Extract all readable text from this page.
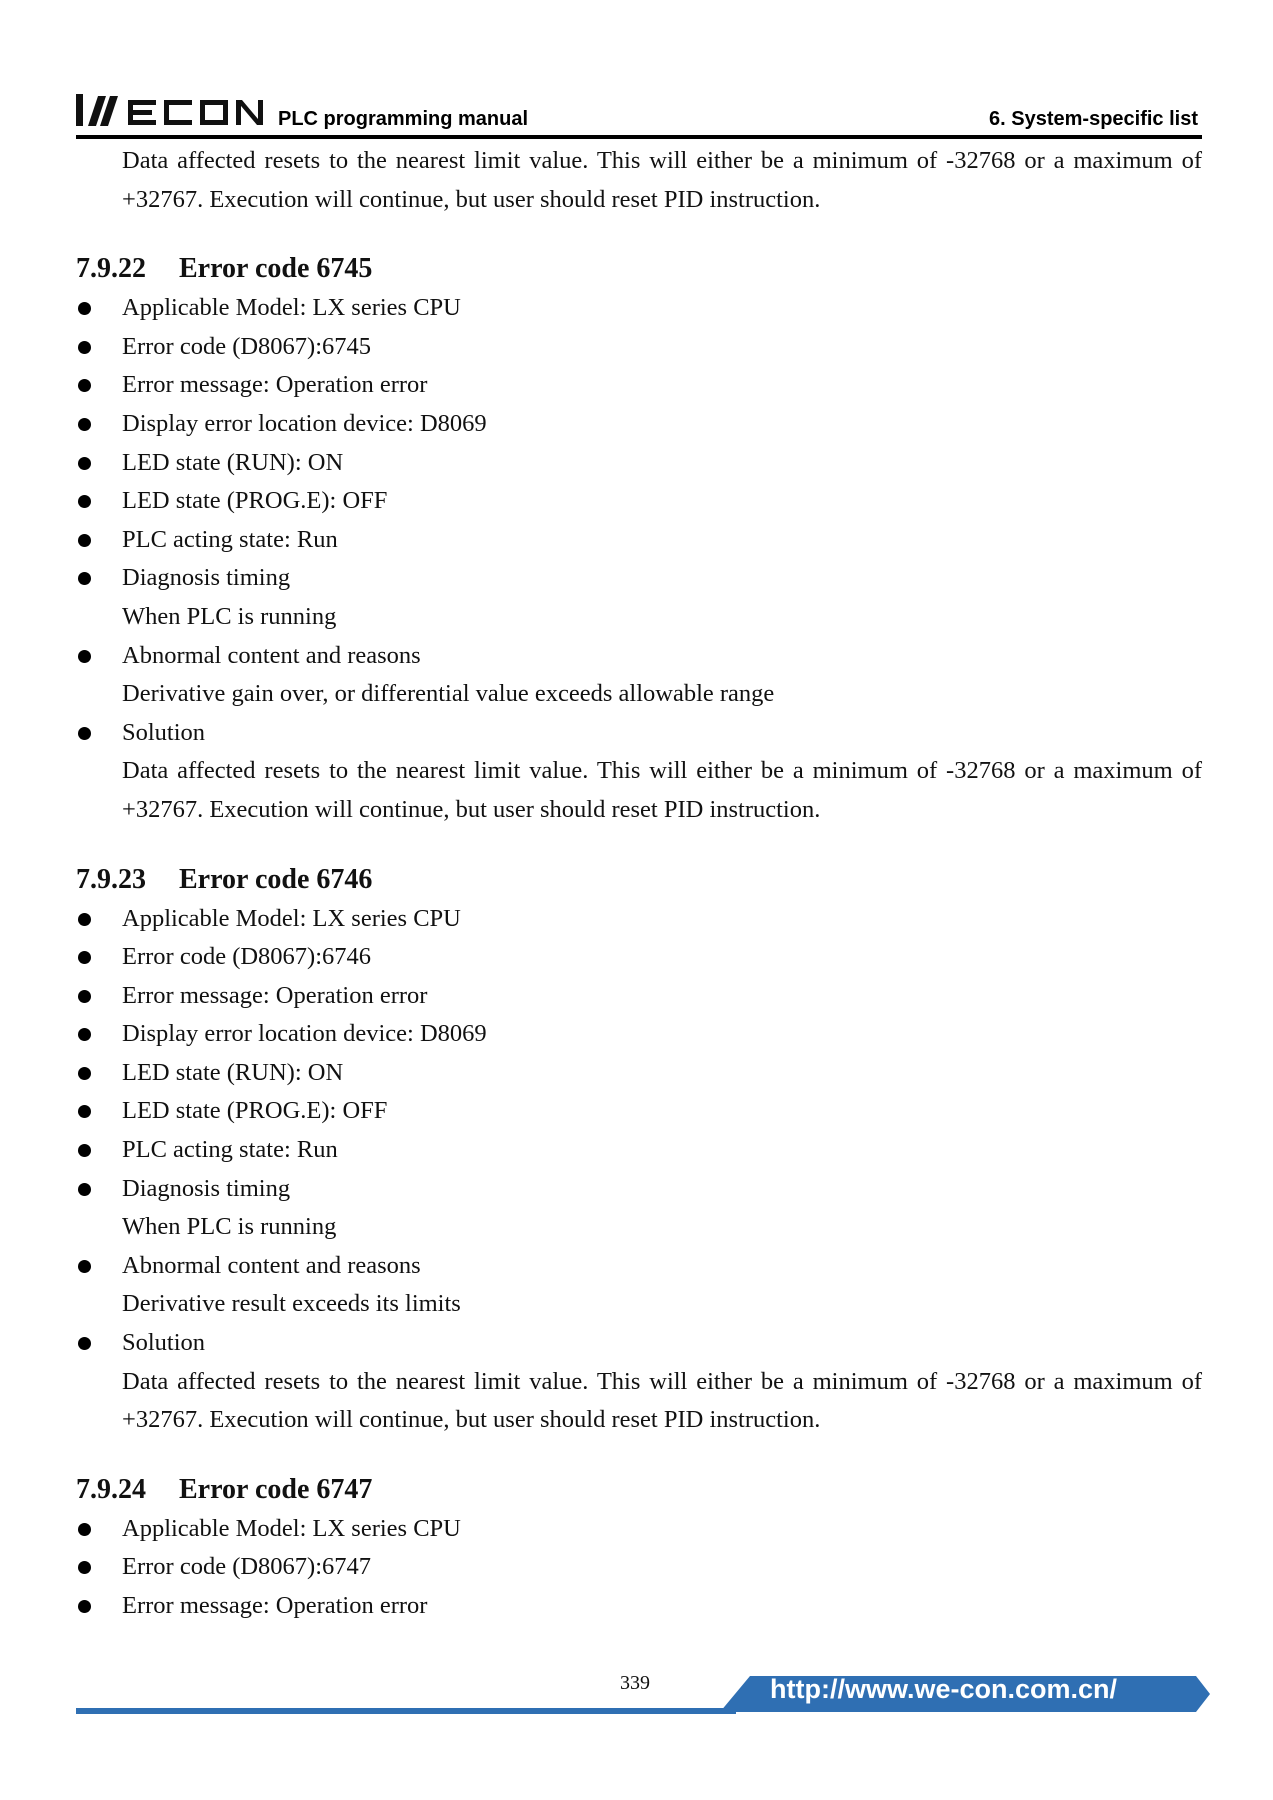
PLC programming manual	6. System-specific list

Data affected resets to the nearest limit value. This will either be a minimum of -32768 or a maximum of +32767. Execution will continue, but user should reset PID instruction.

7.9.22 Error code 6745
Applicable Model: LX series CPU
Error code (D8067):6745
Error message: Operation error
Display error location device: D8069
LED state (RUN): ON
LED state (PROG.E): OFF
PLC acting state: Run
Diagnosis timing
When PLC is running
Abnormal content and reasons
Derivative gain over, or differential value exceeds allowable range
Solution
Data affected resets to the nearest limit value. This will either be a minimum of -32768 or a maximum of +32767. Execution will continue, but user should reset PID instruction.
7.9.23 Error code 6746
Applicable Model: LX series CPU
Error code (D8067):6746
Error message: Operation error
Display error location device: D8069
LED state (RUN): ON
LED state (PROG.E): OFF
PLC acting state: Run
Diagnosis timing
When PLC is running
Abnormal content and reasons
Derivative result exceeds its limits
Solution
Data affected resets to the nearest limit value. This will either be a minimum of -32768 or a maximum of +32767. Execution will continue, but user should reset PID instruction.
7.9.24 Error code 6747
Applicable Model: LX series CPU
Error code (D8067):6747
Error message: Operation error
339	http://www.we-con.com.cn/
